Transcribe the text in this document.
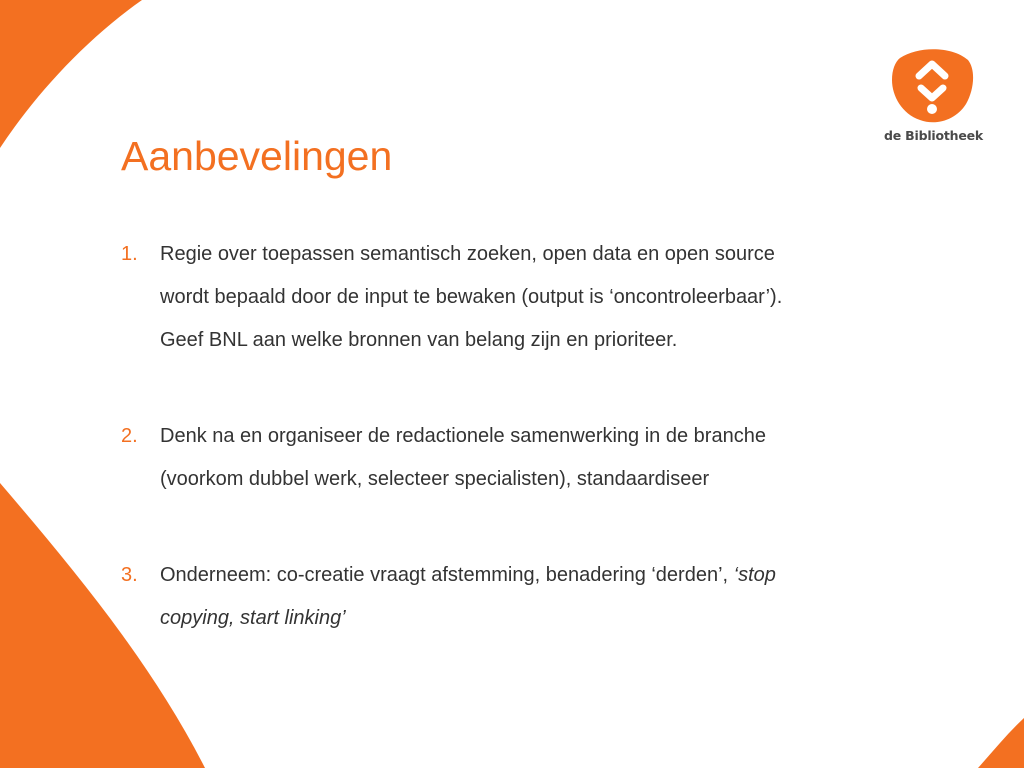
de Bibliotheek
Aanbevelingen
1. Regie over toepassen semantisch zoeken, open data en open source
wordt bepaald door de input te bewaken (output is ‘oncontroleerbaar’).
Geef BNL aan welke bronnen van belang zijn en prioriteer.
2. Denk na en organiseer de redactionele samenwerking in de branche
(voorkom dubbel werk, selecteer specialisten), standaardiseer
3. Onderneem: co-creatie vraagt afstemming, benadering ‘derden’, ‘stop
copying, start linking’
